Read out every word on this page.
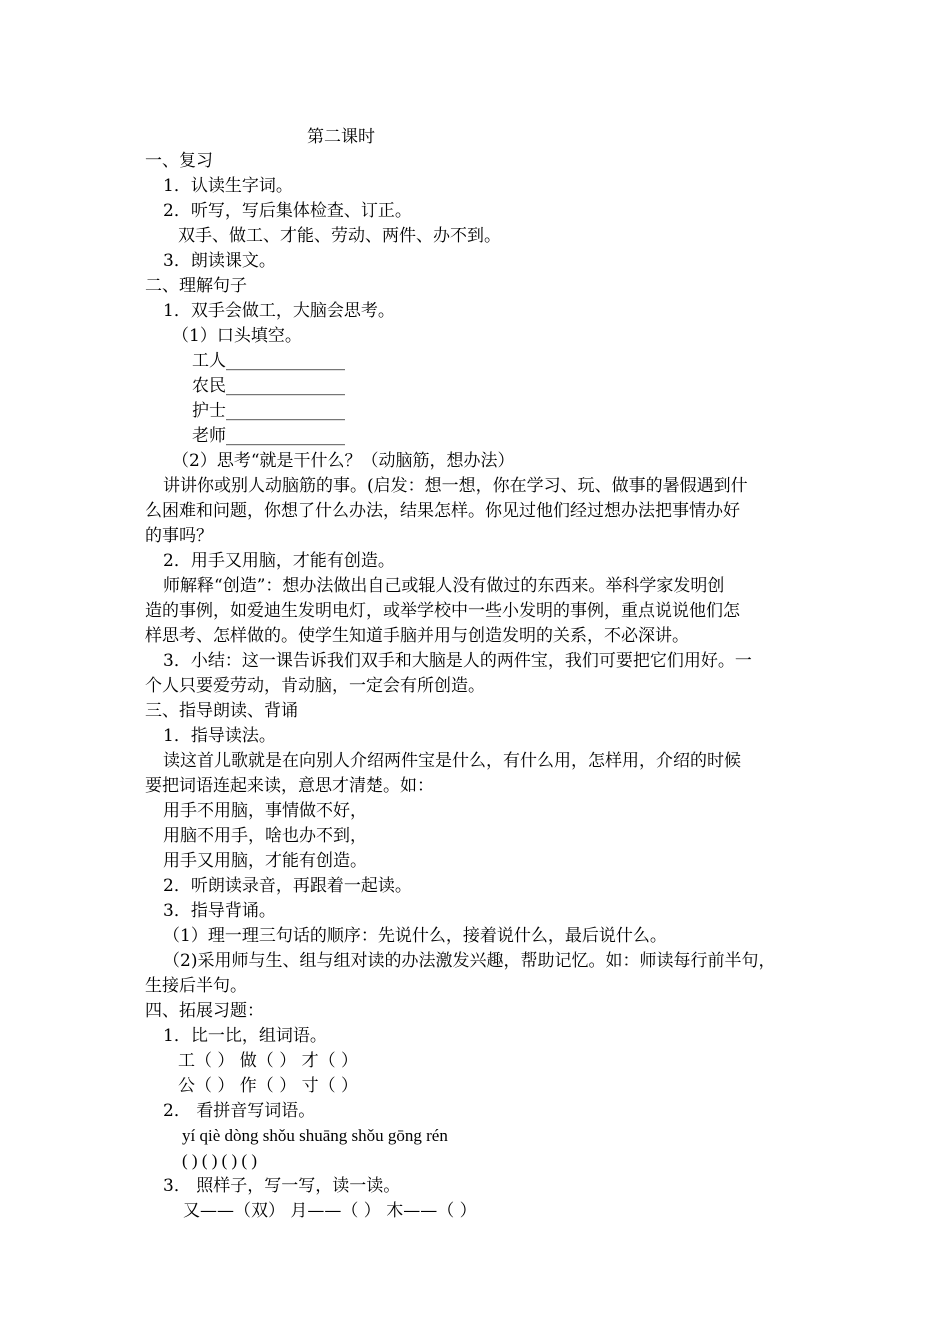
第二课时
一、复习
1．认读生字词。
2．听写，写后集体检查、订正。
双手、做工、才能、劳动、两件、办不到。
3．朗读课文。
二、理解句子
1．双手会做工，大脑会思考。
（1）口头填空。
工人______________
农民______________
护士______________
老师______________
（2）思考“就是干什么？（动脑筋，想办法）
讲讲你或别人动脑筋的事。(启发：想一想，你在学习、玩、做事的暑假遇到什
么困难和问题，你想了什么办法，结果怎样。你见过他们经过想办法把事情办好
的事吗？
2．用手又用脑，才能有创造。
师解释“创造”：想办法做出自己或辊人没有做过的东西来。举科学家发明创
造的事例，如爱迪生发明电灯，或举学校中一些小发明的事例，重点说说他们怎
样思考、怎样做的。使学生知道手脑并用与创造发明的关系，不必深讲。
3．小结：这一课告诉我们双手和大脑是人的两件宝，我们可要把它们用好。一
个人只要爱劳动，肯动脑，一定会有所创造。
三、指导朗读、背诵
1．指导读法。
读这首儿歌就是在向别人介绍两件宝是什么，有什么用，怎样用，介绍的时候
要把词语连起来读，意思才清楚。如：
用手不用脑，事情做不好，
用脑不用手，啥也办不到，
用手又用脑，才能有创造。
2．听朗读录音，再跟着一起读。
3．指导背诵。
（1）理一理三句话的顺序：先说什么，接着说什么，最后说什么。
（2)采用师与生、组与组对读的办法激发兴趣，帮助记忆。如：师读每行前半句，
生接后半句。
四、拓展习题：
1．比一比，组词语。
工（ ） 做（ ） 才（ ）
公（ ） 作（ ） 寸（ ）
2． 看拼音写词语。
yí qiè dòng shǒu shuāng shǒu gōng rén
( ) ( ) ( ) ( )
3． 照样子，写一写，读一读。
又——（双） 月——（ ） 木——（ ）
